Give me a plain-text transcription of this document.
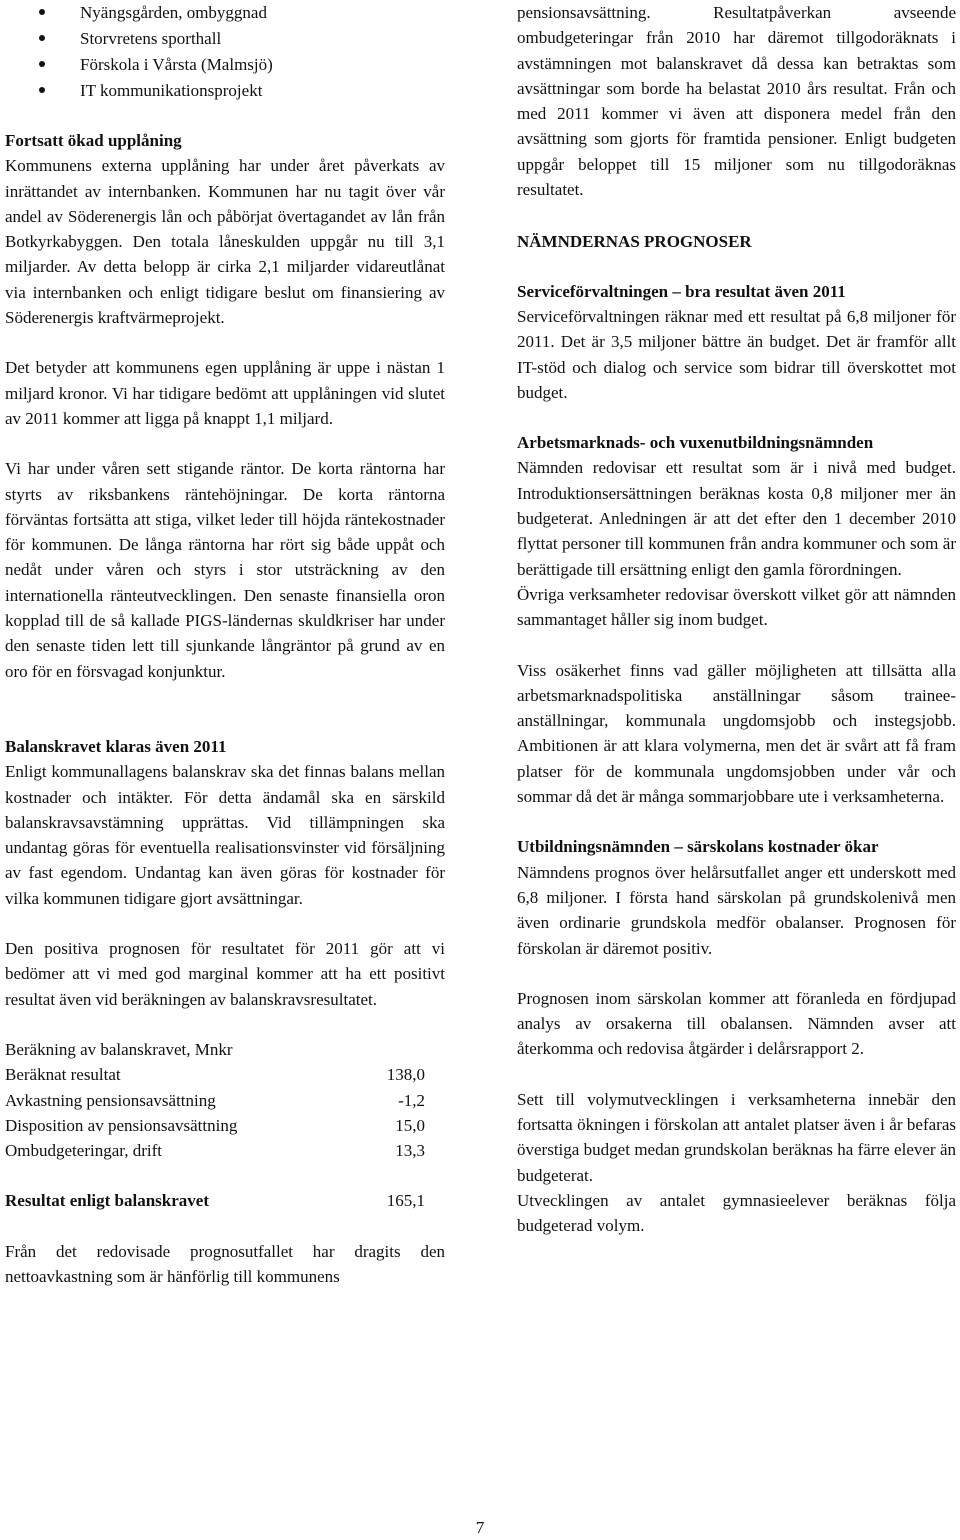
Nyängsgården, ombyggnad
Storvretens sporthall
Förskola i Vårsta (Malmsjö)
IT kommunikationsprojekt

Fortsatt ökad upplåning

Kommunens externa upplåning har under året påverkats av inrättandet av internbanken. Kommunen har nu tagit över vår andel av Söderenergis lån och påbörjat övertagandet av lån från Botkyrkabyggen. Den totala låneskulden uppgår nu till 3,1 miljarder. Av detta belopp är cirka 2,1 miljarder vidareutlånat via internbanken och enligt tidigare beslut om finansiering av Söderenergis kraftvärmeprojekt.

Det betyder att kommunens egen upplåning är uppe i nästan 1 miljard kronor. Vi har tidigare bedömt att upplåningen vid slutet av 2011 kommer att ligga på knappt 1,1 miljard.

Vi har under våren sett stigande räntor. De korta räntorna har styrts av riksbankens räntehöjningar. De korta räntorna förväntas fortsätta att stiga, vilket leder till höjda räntekostnader för kommunen. De långa räntorna har rört sig både uppåt och nedåt under våren och styrs i stor utsträckning av den internationella ränteutvecklingen. Den senaste finansiella oron kopplad till de så kallade PIGS-ländernas skuldkriser har under den senaste tiden lett till sjunkande långräntor på grund av en oro för en försvagad konjunktur.

Balanskravet klaras även 2011

Enligt kommunallagens balanskrav ska det finnas balans mellan kostnader och intäkter. För detta ändamål ska en särskild balanskravsavstämning upprättas. Vid tillämpningen ska undantag göras för eventuella realisationsvinster vid försäljning av fast egendom. Undantag kan även göras för kostnader för vilka kommunen tidigare gjort avsättningar.

Den positiva prognosen för resultatet för 2011 gör att vi bedömer att vi med god marginal kommer att ha ett positivt resultat även vid beräkningen av balanskravsresultatet.

Beräkning av balanskravet, Mnkr

Beräknat resultat	138,0
Avkastning pensionsavsättning	-1,2
Disposition av pensionsavsättning	15,0
Ombudgeteringar, drift	13,3

Resultat enligt balanskravet	165,1

Från det redovisade prognosutfallet har dragits den nettoavkastning som är hänförlig till kommunens

pensionsavsättning. Resultatpåverkan avseende ombudgeteringar från 2010 har däremot tillgodoräknats i avstämningen mot balanskravet då dessa kan betraktas som avsättningar som borde ha belastat 2010 års resultat. Från och med 2011 kommer vi även att disponera medel från den avsättning som gjorts för framtida pensioner. Enligt budgeten uppgår beloppet till 15 miljoner som nu tillgodoräknas resultatet.

NÄMNDERNAS PROGNOSER

Serviceförvaltningen – bra resultat även 2011

Serviceförvaltningen räknar med ett resultat på 6,8 miljoner för 2011. Det är 3,5 miljoner bättre än budget. Det är framför allt IT-stöd och dialog och service som bidrar till överskottet mot budget.

Arbetsmarknads- och vuxenutbildningsnämnden

Nämnden redovisar ett resultat som är i nivå med budget. Introduktionsersättningen beräknas kosta 0,8 miljoner mer än budgeterat. Anledningen är att det efter den 1 december 2010 flyttat personer till kommunen från andra kommuner och som är berättigade till ersättning enligt den gamla förordningen.

Övriga verksamheter redovisar överskott vilket gör att nämnden sammantaget håller sig inom budget.

Viss osäkerhet finns vad gäller möjligheten att tillsätta alla arbetsmarknadspolitiska anställningar såsom trainee-anställningar, kommunala ungdomsjobb och instegsjobb. Ambitionen är att klara volymerna, men det är svårt att få fram platser för de kommunala ungdomsjobben under vår och sommar då det är många sommarjobbare ute i verksamheterna.

Utbildningsnämnden – särskolans kostnader ökar

Nämndens prognos över helårsutfallet anger ett underskott med 6,8 miljoner. I första hand särskolan på grundskolenivå men även ordinarie grundskola medför obalanser. Prognosen för förskolan är däremot positiv.

Prognosen inom särskolan kommer att föranleda en fördjupad analys av orsakerna till obalansen. Nämnden avser att återkomma och redovisa åtgärder i delårsrapport 2.

Sett till volymutvecklingen i verksamheterna innebär den fortsatta ökningen i förskolan att antalet platser även i år befaras överstiga budget medan grundskolan beräknas ha färre elever än budgeterat.

Utvecklingen av antalet gymnasieelever beräknas följa budgeterad volym.

7
